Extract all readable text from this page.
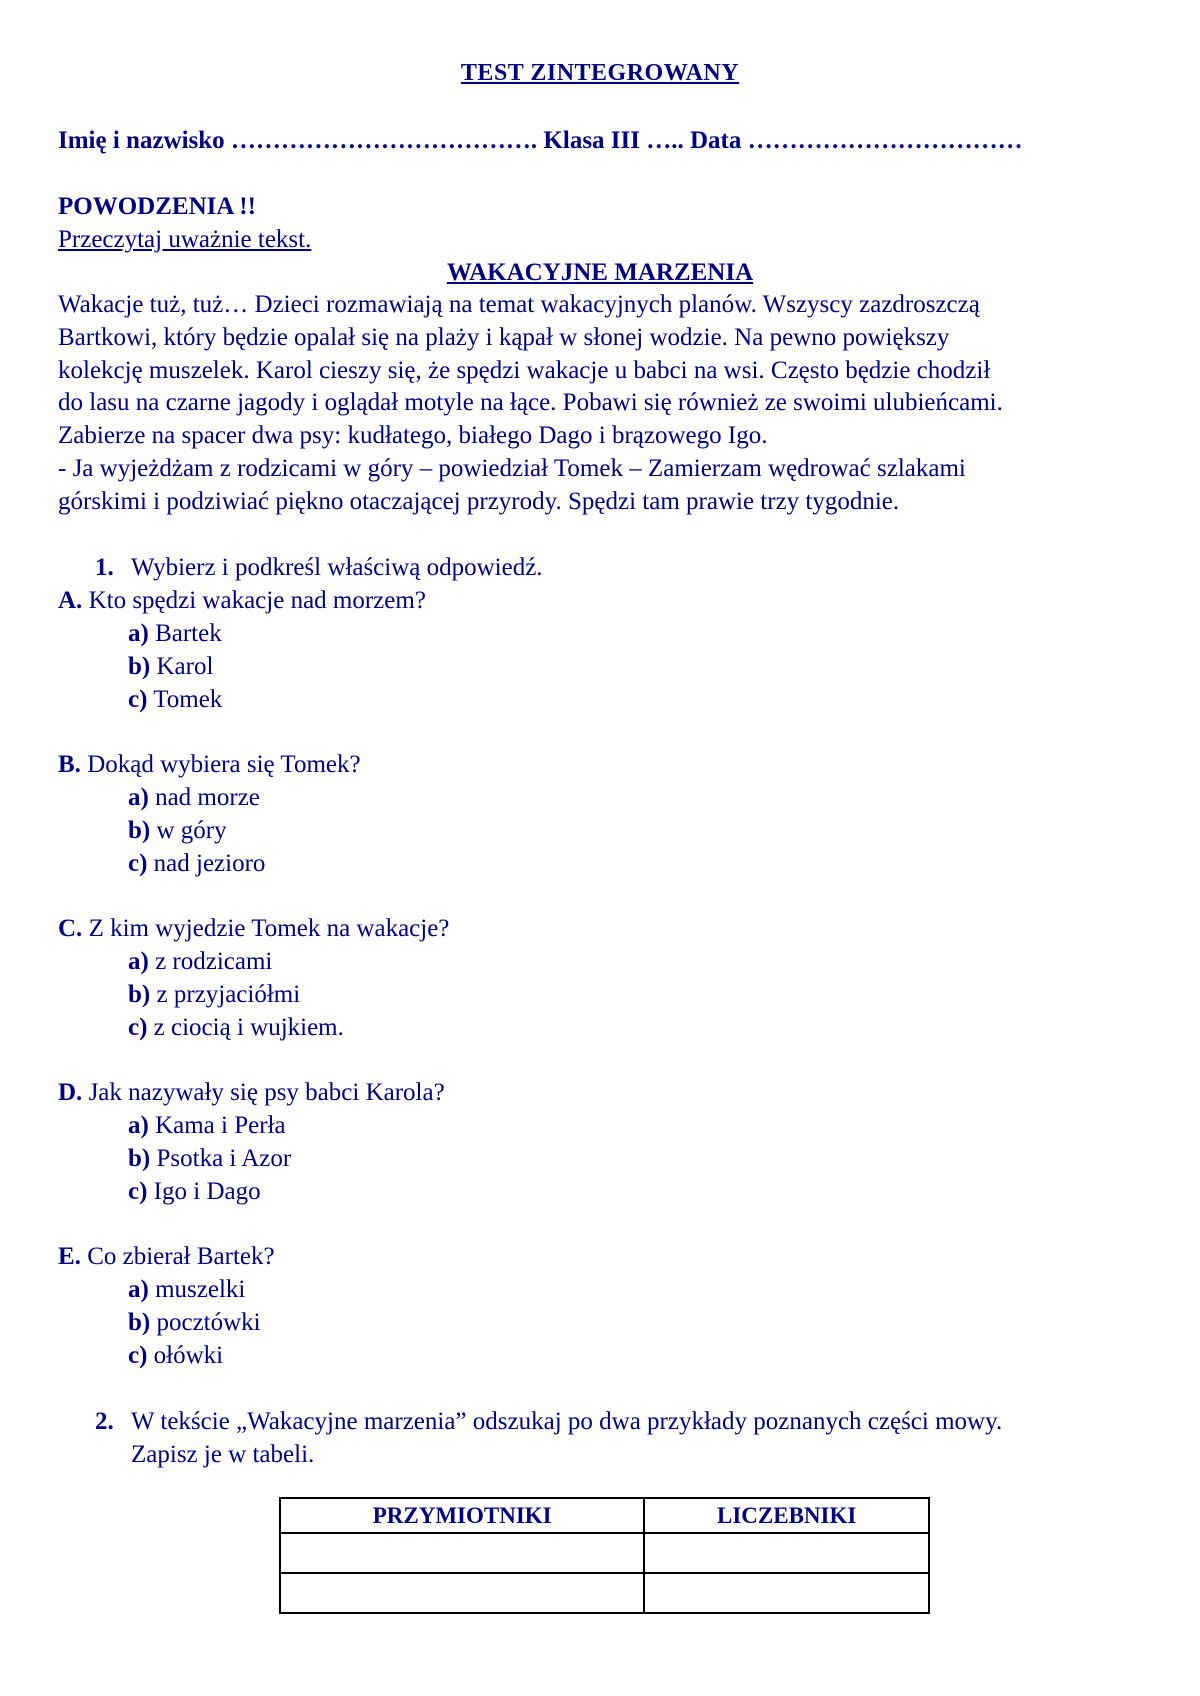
TEST ZINTEGROWANY
Imię i nazwisko ………………………………. Klasa III ….. Data ……………………………
POWODZENIA !!
Przeczytaj uważnie tekst.
WAKACYJNE MARZENIA
Wakacje tuż, tuż… Dzieci rozmawiają na temat wakacyjnych planów. Wszyscy zazdroszczą
Bartkowi, który będzie opalał się na plaży i kąpał w słonej wodzie. Na pewno powiększy
kolekcję muszelek. Karol cieszy się, że spędzi wakacje u babci na wsi. Często będzie chodził
do lasu na czarne jagody i oglądał motyle na łące. Pobawi się również ze swoimi ulubieńcami.
Zabierze na spacer dwa psy: kudłatego, białego Dago i brązowego Igo.
- Ja wyjeżdżam z rodzicami w góry – powiedział Tomek – Zamierzam wędrować szlakami
górskimi i podziwiać piękno otaczającej przyrody. Spędzi tam prawie trzy tygodnie.
1. Wybierz i podkreśl właściwą odpowiedź.
A. Kto spędzi wakacje nad morzem?
a) Bartek
b) Karol
c) Tomek
B. Dokąd wybiera się Tomek?
a) nad morze
b) w góry
c) nad jezioro
C. Z kim wyjedzie Tomek na wakacje?
a) z rodzicami
b) z przyjaciółmi
c) z ciocią i wujkiem.
D. Jak nazywały się psy babci Karola?
a) Kama i Perła
b) Psotka i Azor
c) Igo i Dago
E. Co zbierał Bartek?
a) muszelki
b) pocztówki
c) ołówki
2. W tekście „Wakacyjne marzenia” odszukaj po dwa przykłady poznanych części mowy.
Zapisz je w tabeli.
PRZYMIOTNIKI	LICZEBNIKI
